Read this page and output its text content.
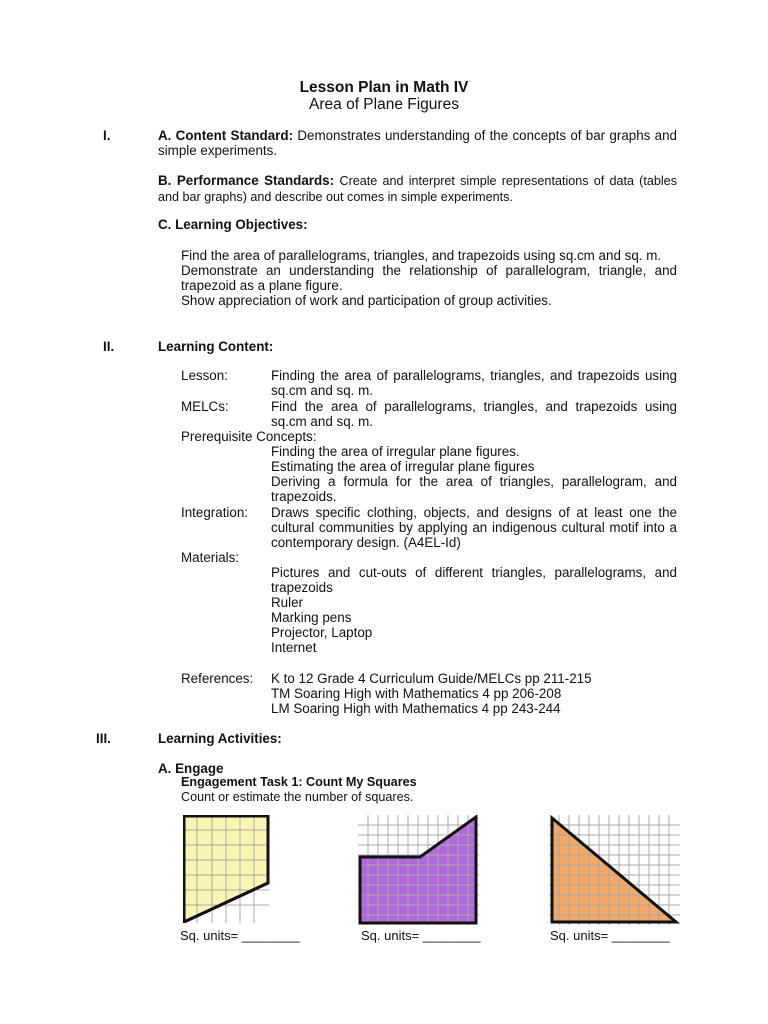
Lesson Plan in Math IV
Area of Plane Figures
I.	A. Content Standard: Demonstrates understanding of the concepts of bar graphs and simple experiments.
B. Performance Standards: Create and interpret simple representations of data (tables and bar graphs) and describe out comes in simple experiments.
C. Learning Objectives:
Find the area of parallelograms, triangles, and trapezoids using sq.cm and sq. m.
Demonstrate an understanding the relationship of parallelogram, triangle, and trapezoid as a plane figure.
Show appreciation of work and participation of group activities.
II.	Learning Content:
Lesson:	Finding the area of parallelograms, triangles, and trapezoids using sq.cm and sq. m.
MELCs:	Find the area of parallelograms, triangles, and trapezoids using sq.cm and sq. m.
Prerequisite Concepts:
Finding the area of irregular plane figures.
Estimating the area of irregular plane figures
Deriving a formula for the area of triangles, parallelogram, and trapezoids.
Integration: Draws specific clothing, objects, and designs of at least one the cultural communities by applying an indigenous cultural motif into a contemporary design. (A4EL-Id)
Materials:
Pictures and cut-outs of different triangles, parallelograms, and trapezoids
Ruler
Marking pens
Projector, Laptop
Internet
References: K to 12 Grade 4 Curriculum Guide/MELCs pp 211-215
TM Soaring High with Mathematics 4 pp 206-208
LM Soaring High with Mathematics 4 pp 243-244
III.	Learning Activities:
A. Engage
Engagement Task 1: Count My Squares
Count or estimate the number of squares.
Sq. units= ________	Sq. units= ________	Sq. units= ________
